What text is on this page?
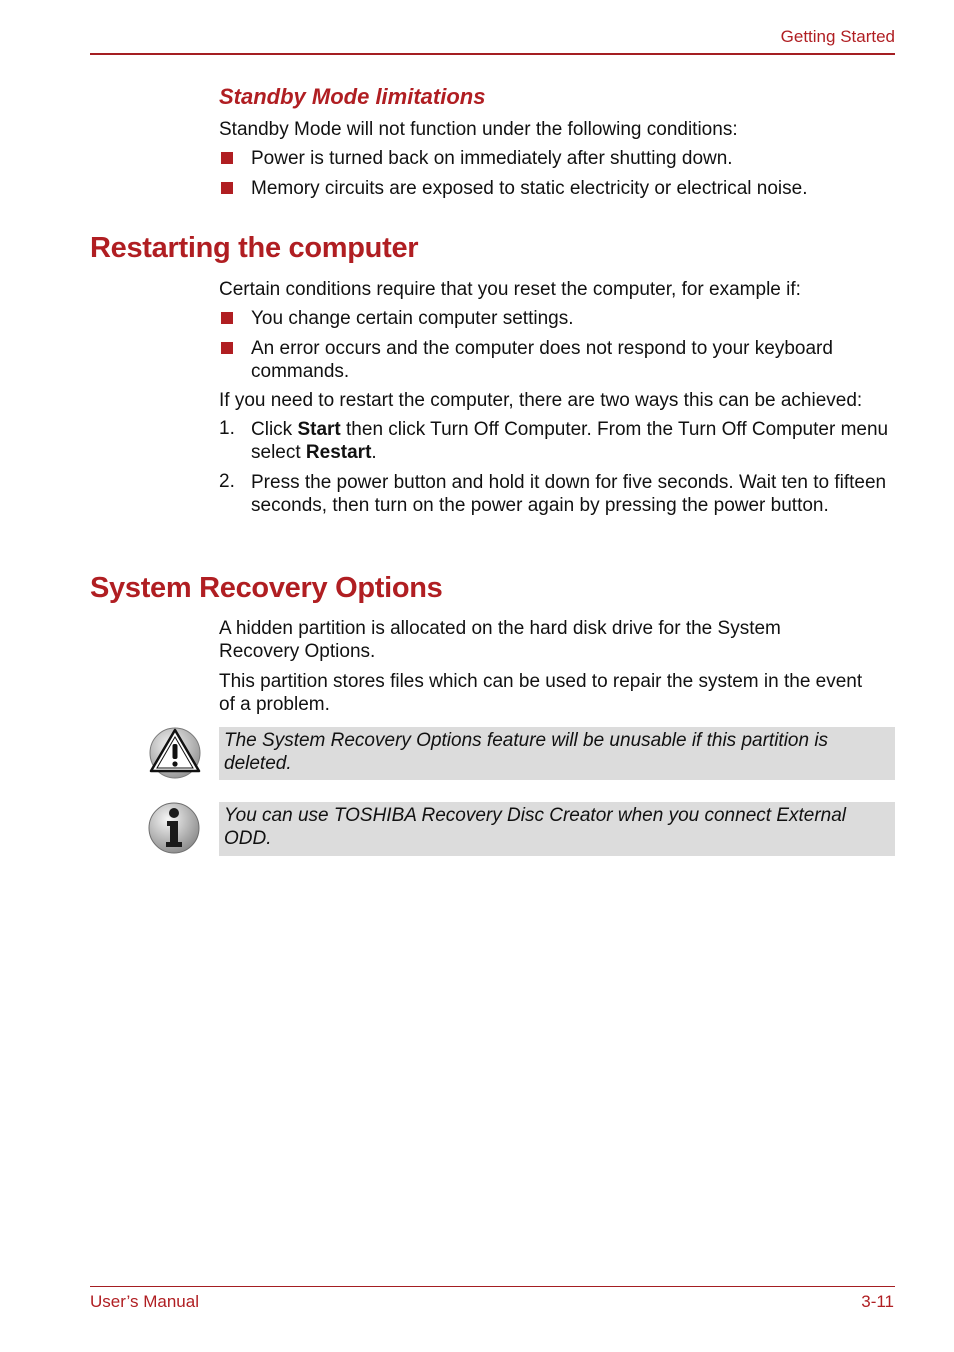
Getting Started
Standby Mode limitations
Standby Mode will not function under the following conditions:
Power is turned back on immediately after shutting down.
Memory circuits are exposed to static electricity or electrical noise.
Restarting the computer
Certain conditions require that you reset the computer, for example if:
You change certain computer settings.
An error occurs and the computer does not respond to your keyboard commands.
If you need to restart the computer, there are two ways this can be achieved:
1. Click Start then click Turn Off Computer. From the Turn Off Computer menu select Restart.
2. Press the power button and hold it down for five seconds. Wait ten to fifteen seconds, then turn on the power again by pressing the power button.
System Recovery Options
A hidden partition is allocated on the hard disk drive for the System Recovery Options.
This partition stores files which can be used to repair the system in the event of a problem.
The System Recovery Options feature will be unusable if this partition is deleted.
You can use TOSHIBA Recovery Disc Creator when you connect External ODD.
User’s Manual	3-11
